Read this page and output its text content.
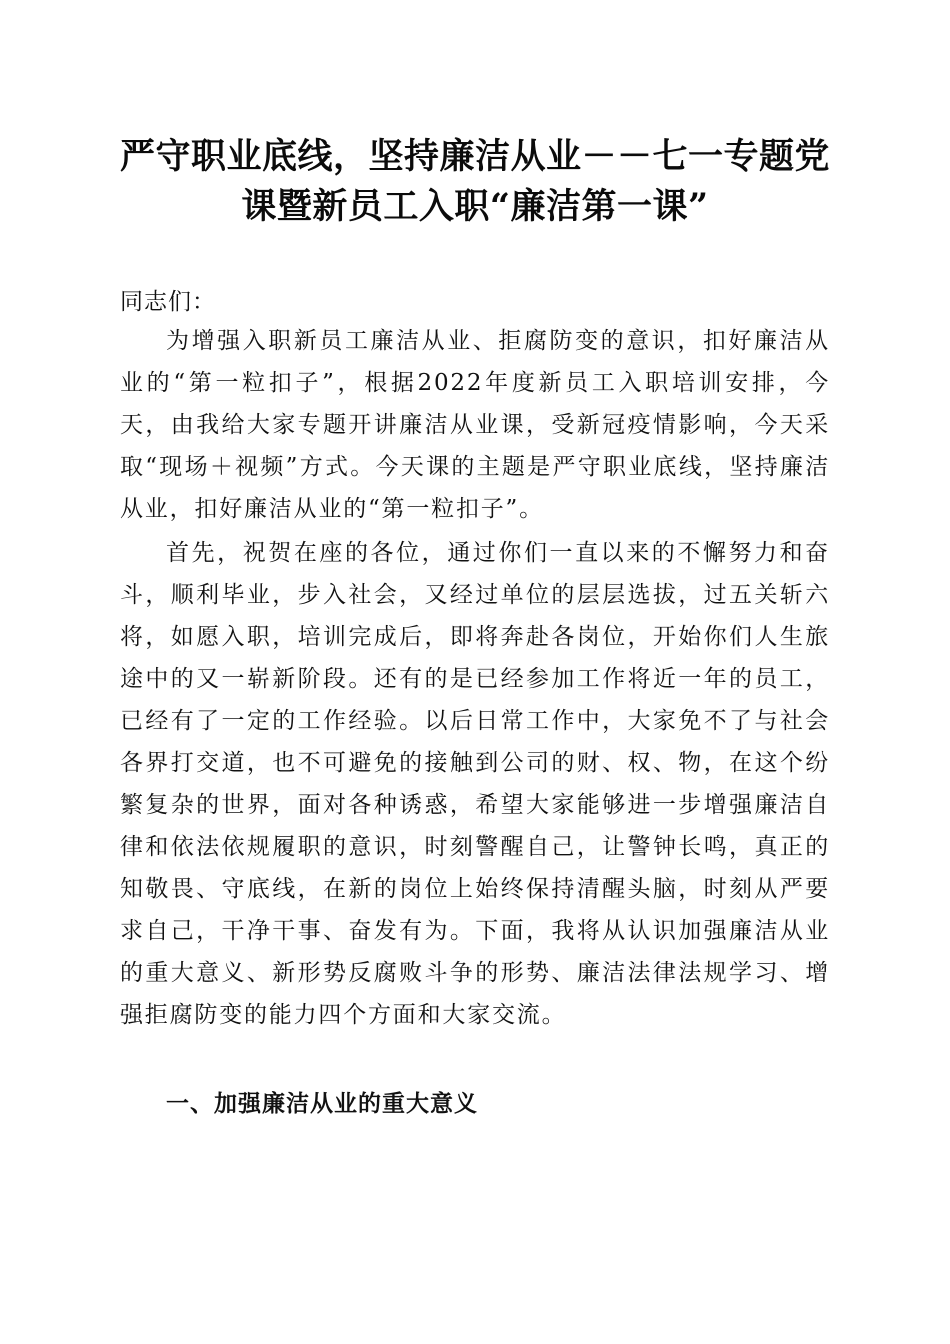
严守职业底线，坚持廉洁从业－－七一专题党
课暨新员工入职“廉洁第一课”
同志们：

为增强入职新员工廉洁从业、拒腐防变的意识，扣好廉洁从业的“第一粒扣子”，根据2022年度新员工入职培训安排，今天，由我给大家专题开讲廉洁从业课，受新冠疫情影响，今天采取“现场＋视频”方式。今天课的主题是严守职业底线，坚持廉洁从业，扣好廉洁从业的“第一粒扣子”。

首先，祝贺在座的各位，通过你们一直以来的不懈努力和奋斗，顺利毕业，步入社会，又经过单位的层层选拔，过五关斩六将，如愿入职，培训完成后，即将奔赴各岗位，开始你们人生旅途中的又一崭新阶段。还有的是已经参加工作将近一年的员工，已经有了一定的工作经验。以后日常工作中，大家免不了与社会各界打交道，也不可避免的接触到公司的财、权、物，在这个纷繁复杂的世界，面对各种诱惑，希望大家能够进一步增强廉洁自律和依法依规履职的意识，时刻警醒自己，让警钟长鸣，真正的知敬畏、守底线，在新的岗位上始终保持清醒头脑，时刻从严要求自己，干净干事、奋发有为。下面，我将从认识加强廉洁从业的重大意义、新形势反腐败斗争的形势、廉洁法律法规学习、增强拒腐防变的能力四个方面和大家交流。

一、加强廉洁从业的重大意义
